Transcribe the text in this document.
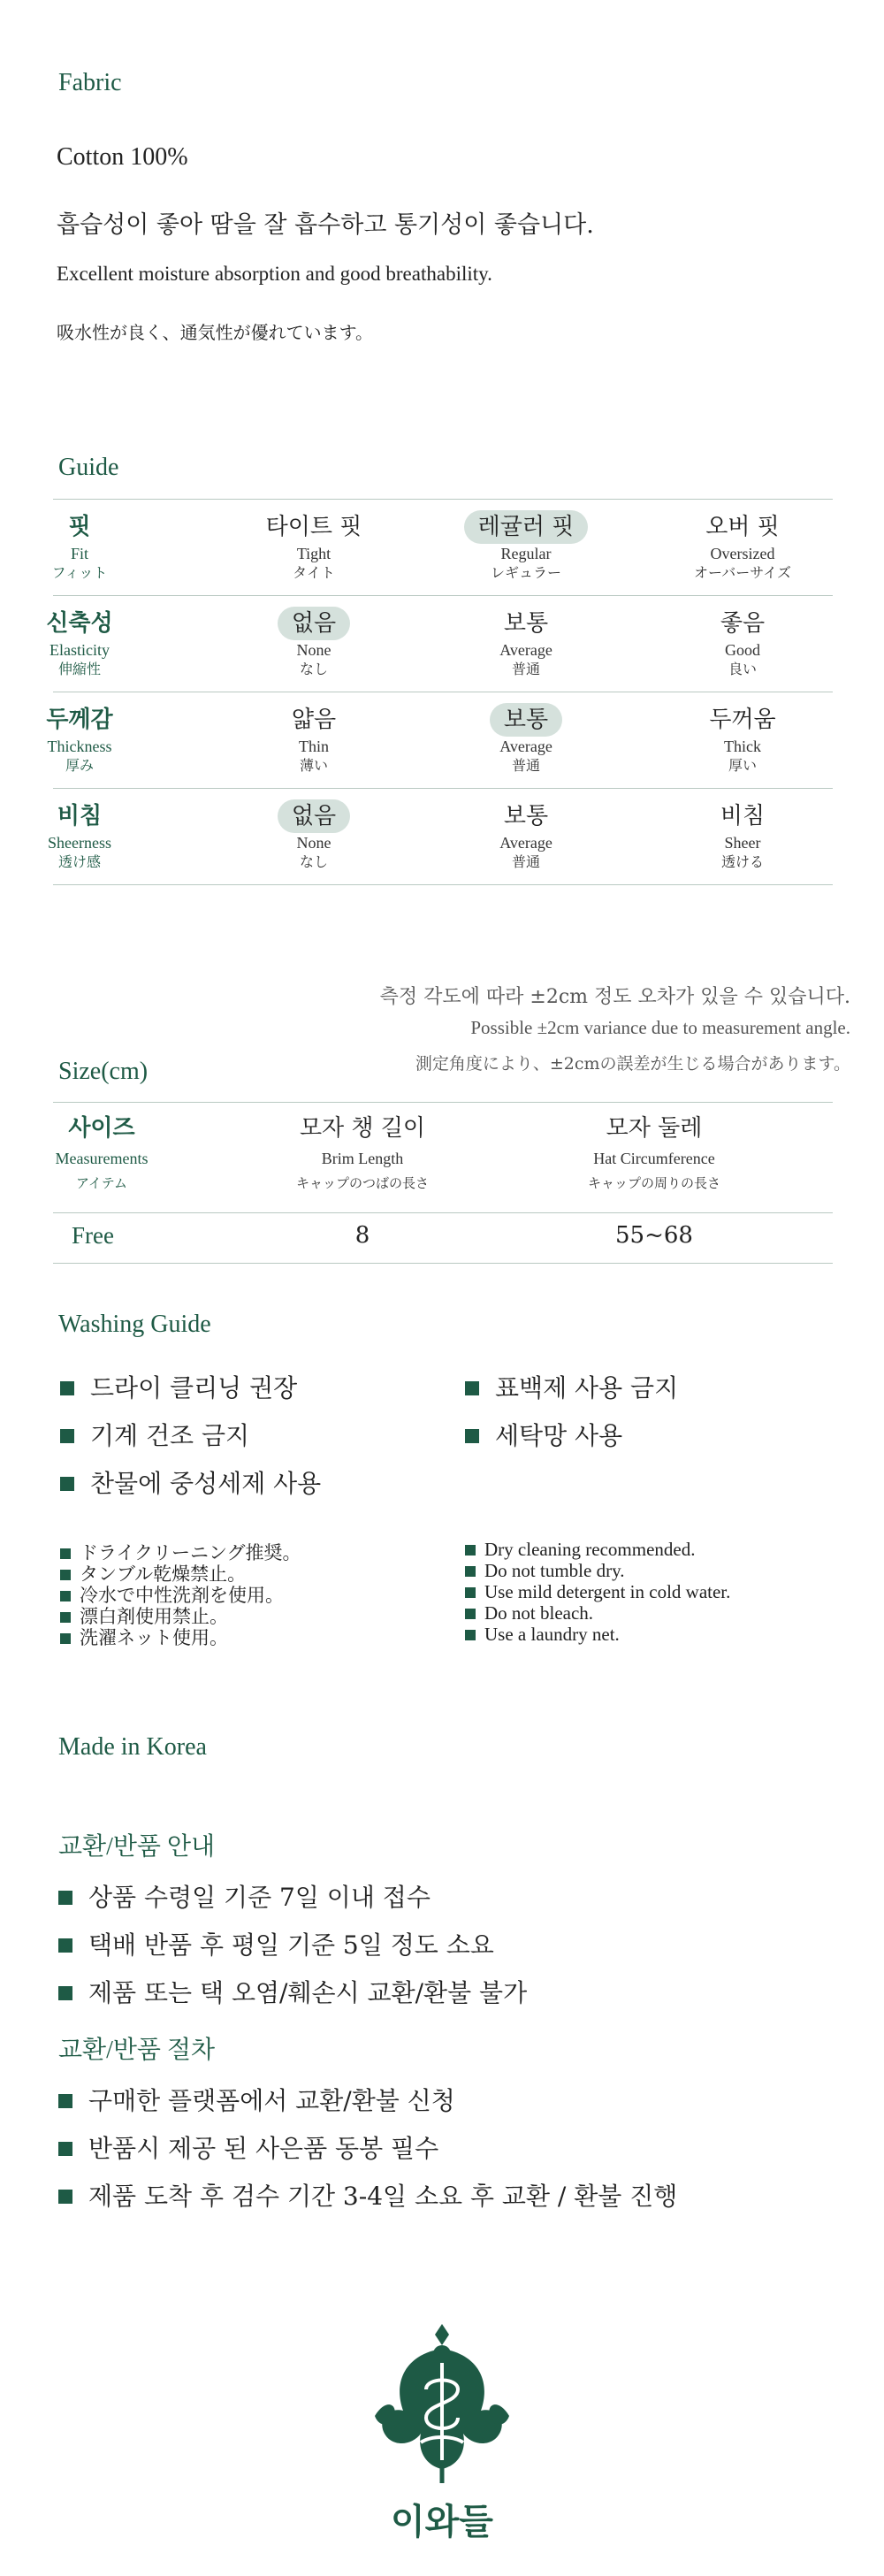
Fabric
Cotton 100%
흡습성이 좋아 땀을 잘 흡수하고 통기성이 좋습니다.
Excellent moisture absorption and good breathability.
吸水性が良く、通気性が優れています。
Guide
핏
Fit
フィット
타이트 핏

Tight
タイト
레귤러 핏

Regular
レギュラー
오버 핏

Oversized
オーバーサイズ
신축성
Elasticity
伸縮性
없음

None
なし
보통

Average
普通
좋음

Good
良い
두께감
Thickness
厚み
얇음

Thin
薄い
보통

Average
普通
두꺼움

Thick
厚い
비침
Sheerness
透け感
없음

None
なし
보통

Average
普通
비침

Sheer
透ける
측정 각도에 따라 ±2cm 정도 오차가 있을 수 있습니다.
Possible ±2cm variance due to measurement angle.
測定角度により、±2cmの誤差が生じる場合があります。
Size(cm)
사이즈
Measurements
アイテム
모자 챙 길이
Brim Length
キャップのつばの長さ
모자 둘레
Hat Circumference
キャップの周りの長さ
Free	8	55~68
Washing Guide
드라이 클리닝 권장
기계 건조 금지
찬물에 중성세제 사용
표백제 사용 금지
세탁망 사용
ドライクリーニング推奨。
タンブル乾燥禁止。
冷水で中性洗剤を使用。
漂白剤使用禁止。
洗濯ネット使用。
Dry cleaning recommended.
Do not tumble dry.
Use mild detergent in cold water.
Do not bleach.
Use a laundry net.
Made in Korea
교환/반품 안내
상품 수령일 기준 7일 이내 접수
택배 반품 후 평일 기준 5일 정도 소요
제품 또는 택 오염/훼손시 교환/환불 불가
교환/반품 절차
구매한 플랫폼에서 교환/환불 신청
반품시 제공 된 사은품 동봉 필수
제품 도착 후 검수 기간 3-4일 소요 후 교환 / 환불 진행
이와들
